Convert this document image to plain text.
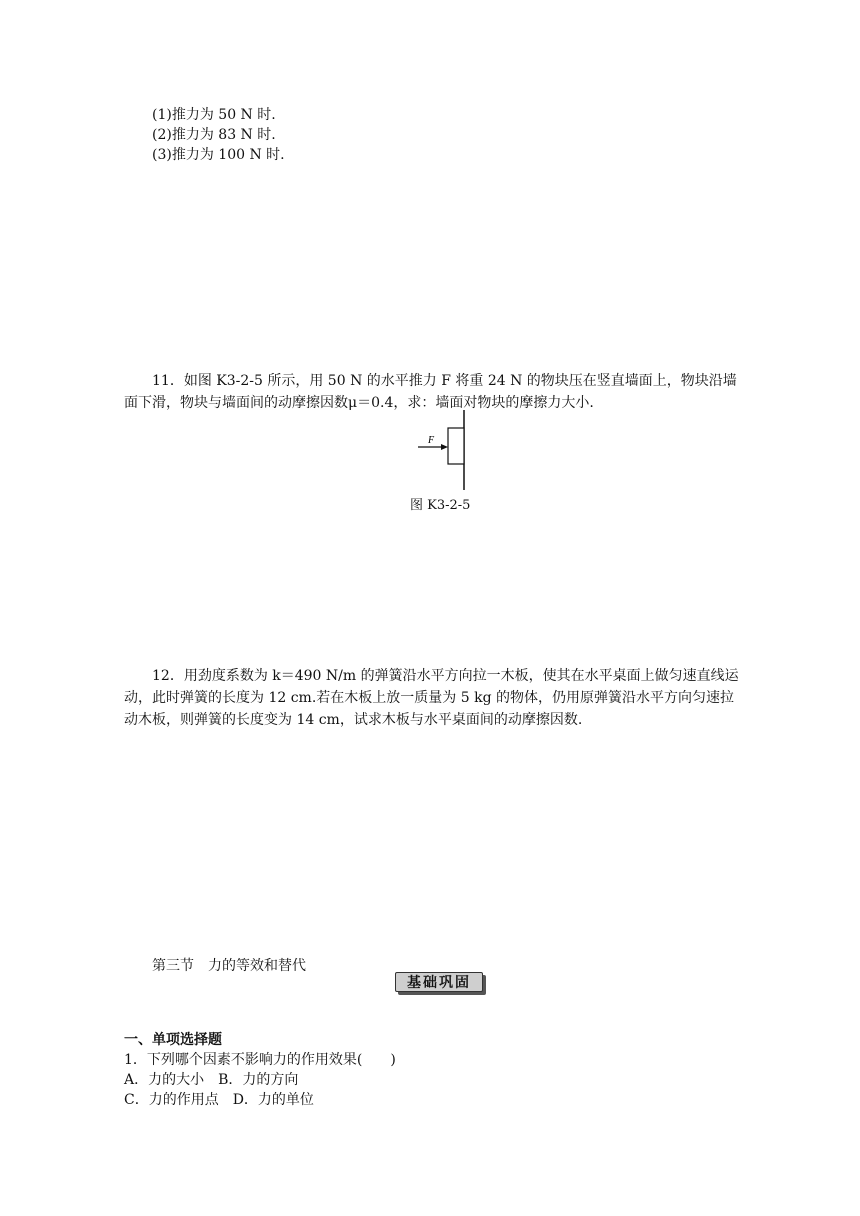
(1)推力为 50 N 时.
(2)推力为 83 N 时.
(3)推力为 100 N 时.
11．如图 K3-2-5 所示，用 50 N 的水平推力 F 将重 24 N 的物块压在竖直墙面上，物块沿墙面下滑，物块与墙面间的动摩擦因数μ＝0.4，求：墙面对物块的摩擦力大小.
F
图 K3-2-5
12．用劲度系数为 k＝490 N/m 的弹簧沿水平方向拉一木板，使其在水平桌面上做匀速直线运动，此时弹簧的长度为 12 cm.若在木板上放一质量为 5 kg 的物体，仍用原弹簧沿水平方向匀速拉动木板，则弹簧的长度变为 14 cm，试求木板与水平桌面间的动摩擦因数.
第三节　力的等效和替代
基础巩固
一、单项选择题
1．下列哪个因素不影响力的作用效果(　　)
A．力的大小　B．力的方向
C．力的作用点　D．力的单位
